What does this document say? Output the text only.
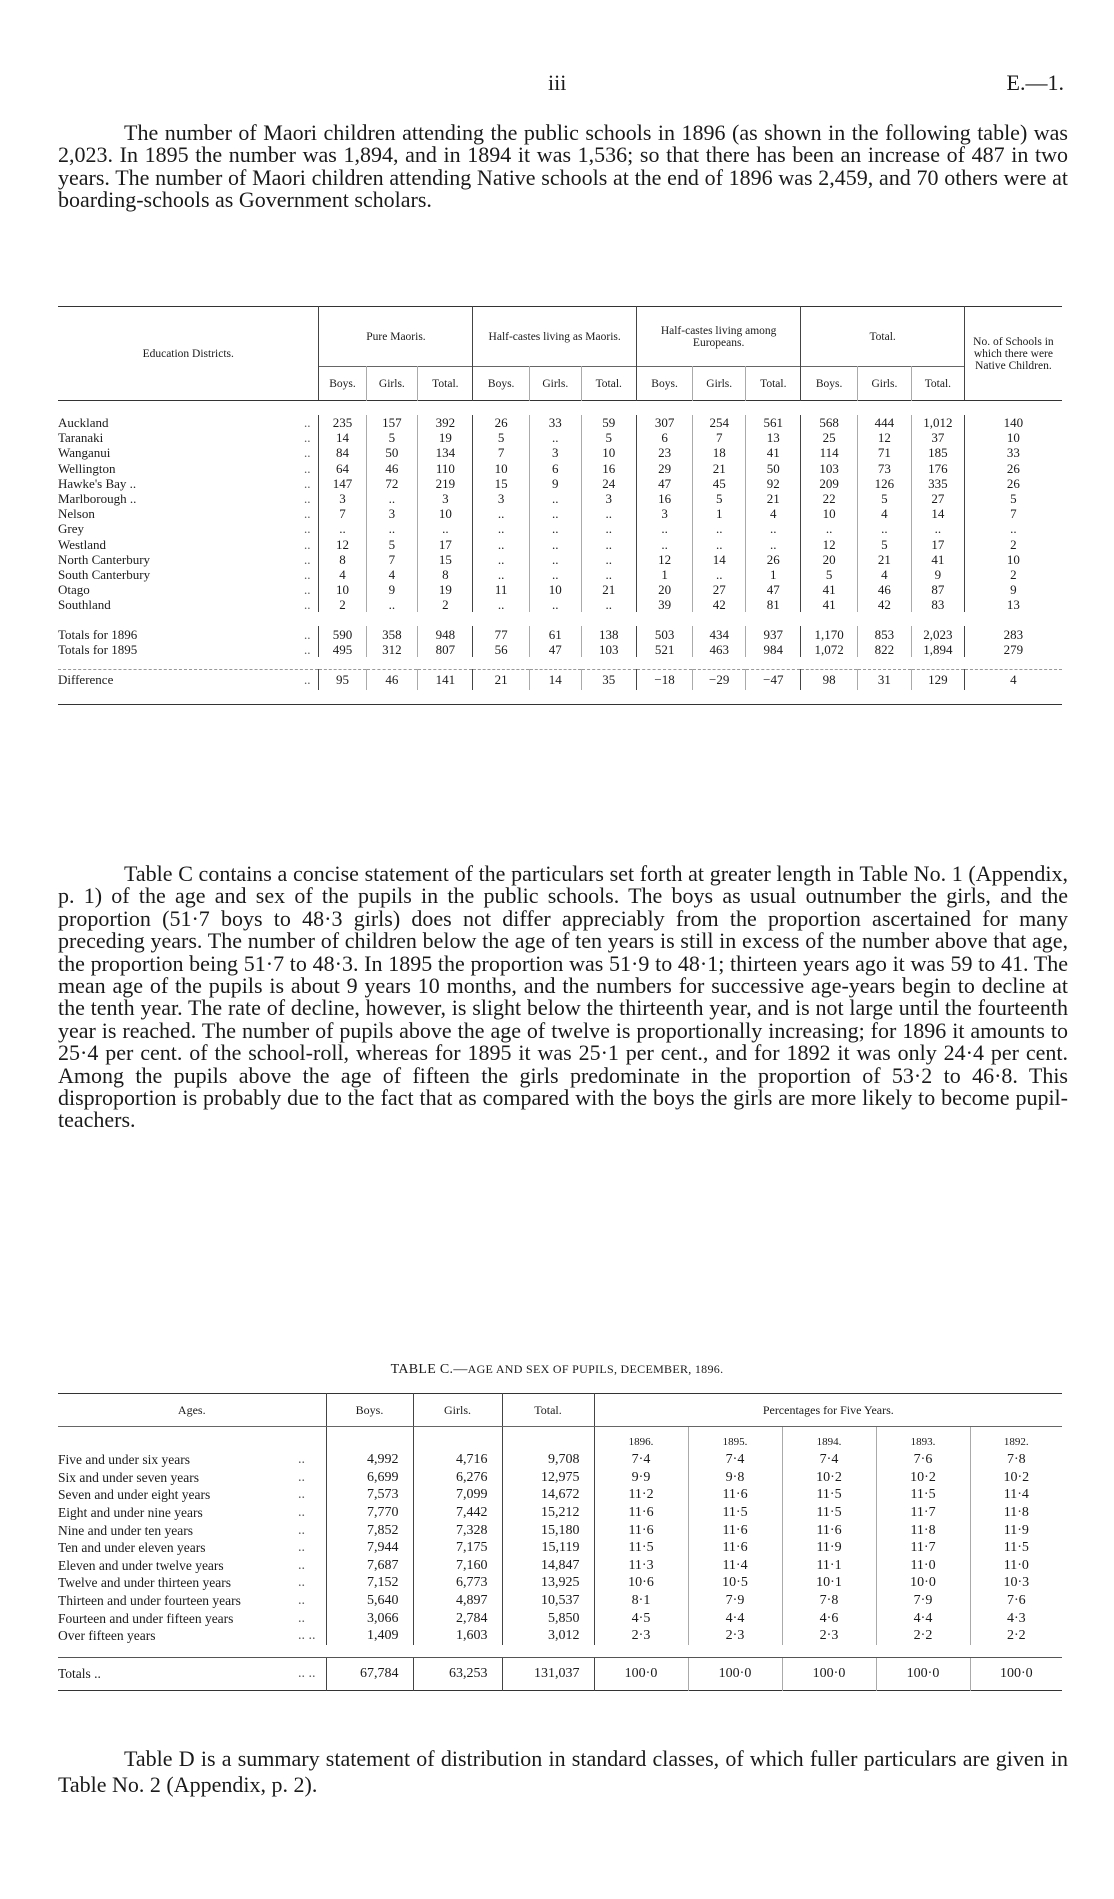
iii	E.—1.

The number of Maori children attending the public schools in 1896 (as shown in the following table) was 2,023. In 1895 the number was 1,894, and in 1894 it was 1,536; so that there has been an increase of 487 in two years. The number of Maori children attending Native schools at the end of 1896 was 2,459, and 70 others were at boarding-schools as Government scholars.

Education Districts.	Pure Maoris.			Half-castes living as Maoris.			Half-castes living among Europeans.			Total.			No. of Schools in which there were Native Children.
	Boys.	Girls.	Total.	Boys.	Girls.	Total.	Boys.	Girls.	Total.	Boys.	Girls.	Total.	

Auckland ..	235	157	392	26	33	59	307	254	561	568	444	1,012	140
Taranaki ..	14	5	19	5	..	5	6	7	13	25	12	37	10
Wanganui ..	84	50	134	7	3	10	23	18	41	114	71	185	33
Wellington ..	64	46	110	10	6	16	29	21	50	103	73	176	26
Hawke's Bay .. ..	147	72	219	15	9	24	47	45	92	209	126	335	26
Marlborough .. ..	3	..	3	3	..	3	16	5	21	22	5	27	5
Nelson ..	7	3	10	..	..	..	3	1	4	10	4	14	7
Grey ..	..	..	..	..	..	..	..	..	..	..	..	..	..
Westland ..	12	5	17	..	..	..	..	..	..	12	5	17	2
North Canterbury ..	8	7	15	..	..	..	12	14	26	20	21	41	10
South Canterbury ..	4	4	8	..	..	..	1	..	1	5	4	9	2
Otago ..	10	9	19	11	10	21	20	27	47	41	46	87	9
Southland ..	2	..	2	..	..	..	39	42	81	41	42	83	13

Totals for 1896 ..	590	358	948	77	61	138	503	434	937	1,170	853	2,023	283
Totals for 1895 ..	495	312	807	56	47	103	521	463	984	1,072	822	1,894	279

Difference ..	95	46	141	21	14	35	−18	−29	−47	98	31	129	4

Table C contains a concise statement of the particulars set forth at greater length in Table No. 1 (Appendix, p. 1) of the age and sex of the pupils in the public schools. The boys as usual outnumber the girls, and the proportion (51·7 boys to 48·3 girls) does not differ appreciably from the proportion ascertained for many preceding years. The number of children below the age of ten years is still in excess of the number above that age, the proportion being 51·7 to 48·3. In 1895 the proportion was 51·9 to 48·1; thirteen years ago it was 59 to 41. The mean age of the pupils is about 9 years 10 months, and the numbers for successive age-years begin to decline at the tenth year. The rate of decline, however, is slight below the thirteenth year, and is not large until the fourteenth year is reached. The number of pupils above the age of twelve is proportionally increasing; for 1896 it amounts to 25·4 per cent. of the school-roll, whereas for 1895 it was 25·1 per cent., and for 1892 it was only 24·4 per cent. Among the pupils above the age of fifteen the girls predominate in the proportion of 53·2 to 46·8. This disproportion is probably due to the fact that as compared with the boys the girls are more likely to become pupil-teachers.

TABLE C.—AGE AND SEX OF PUPILS, DECEMBER, 1896.
Ages.		Boys.	Girls.	Total.	Percentages for Five Years.				
					1896.	1895.	1894.	1893.	1892.
Five and under six years	..	4,992	4,716	9,708	7·4	7·4	7·4	7·6	7·8
Six and under seven years	..	6,699	6,276	12,975	9·9	9·8	10·2	10·2	10·2
Seven and under eight years	..	7,573	7,099	14,672	11·2	11·6	11·5	11·5	11·4
Eight and under nine years	..	7,770	7,442	15,212	11·6	11·5	11·5	11·7	11·8
Nine and under ten years	..	7,852	7,328	15,180	11·6	11·6	11·6	11·8	11·9
Ten and under eleven years	..	7,944	7,175	15,119	11·5	11·6	11·9	11·7	11·5
Eleven and under twelve years	..	7,687	7,160	14,847	11·3	11·4	11·1	11·0	11·0
Twelve and under thirteen years	..	7,152	6,773	13,925	10·6	10·5	10·1	10·0	10·3
Thirteen and under fourteen years	..	5,640	4,897	10,537	8·1	7·9	7·8	7·9	7·6
Fourteen and under fifteen years	..	3,066	2,784	5,850	4·5	4·4	4·6	4·4	4·3
Over fifteen years	.. ..	1,409	1,603	3,012	2·3	2·3	2·3	2·2	2·2

Totals ..	.. ..	67,784	63,253	131,037	100·0	100·0	100·0	100·0	100·0

Table D is a summary statement of distribution in standard classes, of which fuller particulars are given in Table No. 2 (Appendix, p. 2).
